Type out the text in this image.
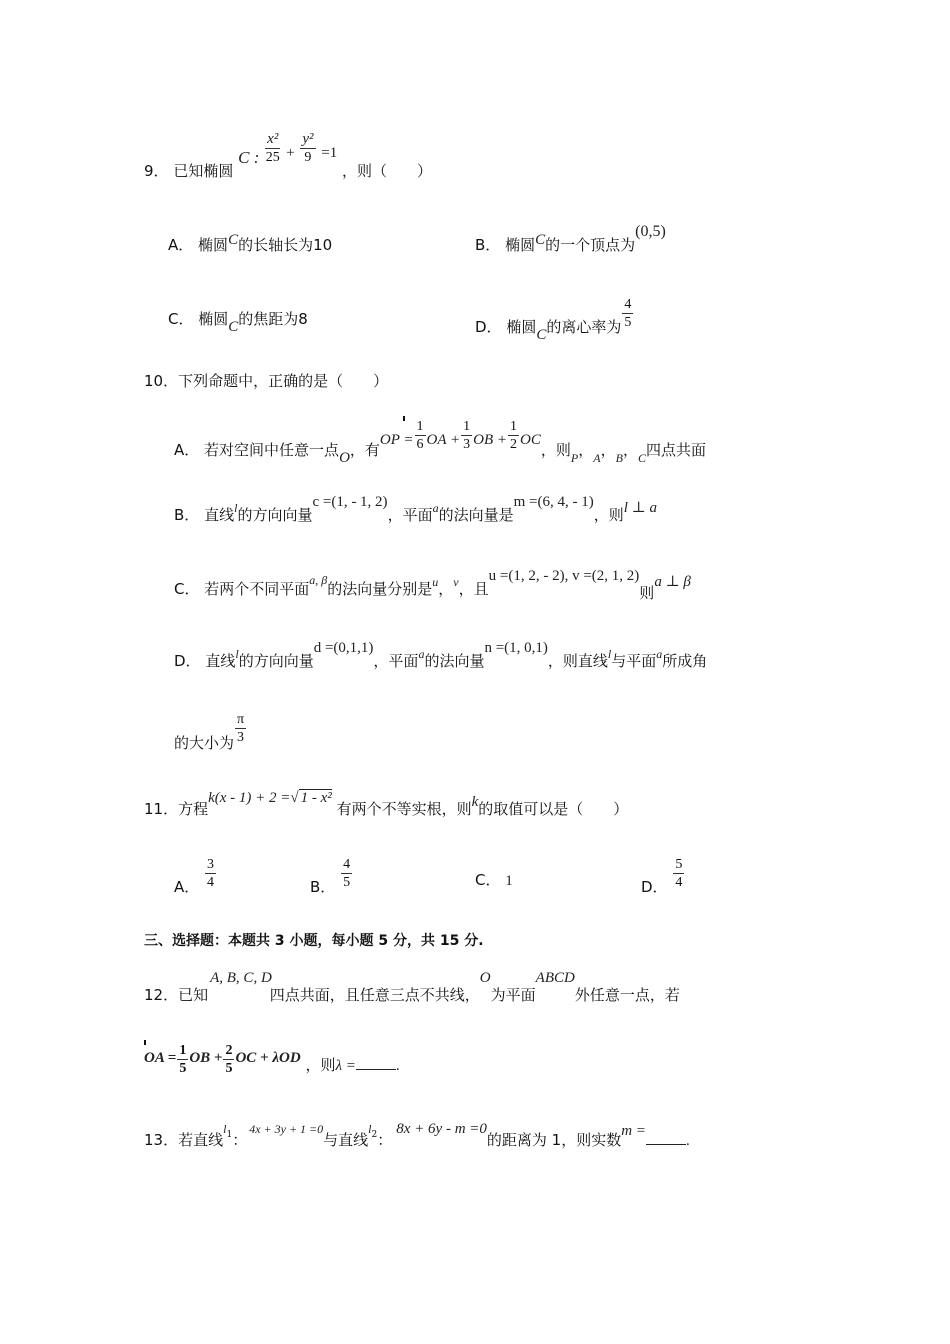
9． 已知椭圆 C : $\frac{\text{x²}}{25} + \frac{\text{y²}}{9} =1$ ，则（　　）
A． 椭圆C的长轴长为10	B． 椭圆C的一个顶点为(0,5)
C． 椭圆C的焦距为8	D． 椭圆C的离心率为 $\frac{4}{5}$
10．下列命题中，正确的是（　　）
A． 若对空间中任意一点O，有OP = $\frac{1}{6}$ OA + $\frac{1}{3}$ OB + $\frac{1}{2}$ OC，则$_P$，$_A$，$_B$，$_C$四点共面
B． 直线$_l$的方向向量c =(1, - 1, 2)，平面$_a$的法向量是m =(6, 4, - 1)，则l ⊥ a
C． 若两个不同平面$_{a, \beta}$的法向量分别是$_u$，$_v$，且u =(1, 2, - 2), v =(2, 1, 2)则a ⊥ β
D． 直线$_l$的方向向量d =(0,1,1)，平面$_a$的法向量n =(1, 0,1)，则直线$_l$与平面$_a$所成角
的大小为 $\frac{\pi}{3}$
11．方程k(x - 1) + 2 =√ 1 - x² 有两个不等实根，则k的取值可以是（　　）
A． $\frac{3}{4}$	B． $\frac{4}{5}$	C． 1	D． $\frac{5}{4}$
三、选择题：本题共 3 小题，每小题 5 分，共 15 分.
12．已知A, B, C, D四点共面，且任意三点不共线，O为平面ABCD外任意一点，若
OA = $\frac{1}{5}$ OB + $\frac{2}{5}$ OC + λOD ，则λ =	.
13．若直线$l_1$：4x + 3y + 1 =0与直线$l_2$：8x + 6y - m =0的距离为 1，则实数m =.
